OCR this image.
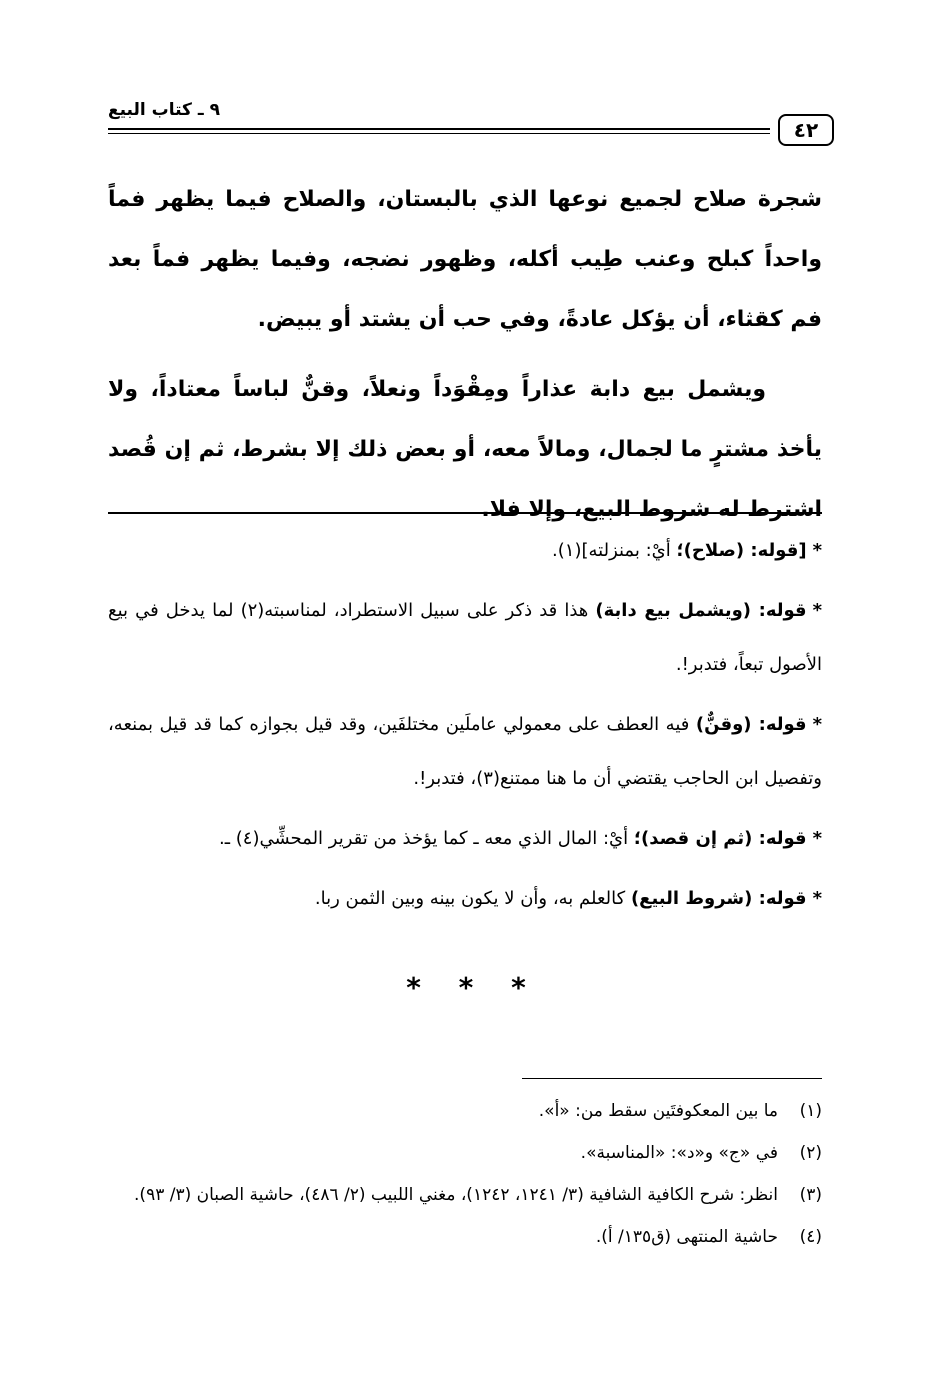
٤٢
٩ ـ كتاب البيع

شجرة صلاح لجميع نوعها الذي بالبستان، والصلاح فيما يظهر فماً واحداً كبلح وعنب طِيب أكله، وظهور نضجه، وفيما يظهر فماً بعد فم كقثاء، أن يؤكل عادةً، وفي حب أن يشتد أو يبيض.

ويشمل بيع دابة عذاراً ومِقْوَداً ونعلاً، وقنٌّ لباساً معتاداً، ولا يأخذ مشترٍ ما لجمال، ومالاً معه، أو بعض ذلك إلا بشرط، ثم إن قُصد اشترط له شروط البيع، وإلا فلا.

*[قوله: (صلاح)؛ أيْ: بمنزلته](١).

*قوله: (ويشمل بيع دابة) هذا قد ذكر على سبيل الاستطراد، لمناسبته(٢) لما يدخل في بيع الأصول تبعاً، فتدبر!.

*قوله: (وقنٌّ) فيه العطف على معمولي عاملَين مختلفَين، وقد قيل بجوازه كما قد قيل بمنعه، وتفصيل ابن الحاجب يقتضي أن ما هنا ممتنع(٣)، فتدبر!.

*قوله: (ثم إن قصد)؛ أيْ: المال الذي معه ـ كما يؤخذ من تقرير المحشِّي(٤) ـ.

*قوله: (شروط البيع) كالعلم به، وأن لا يكون بينه وبين الثمن ربا.

* * *
(١)
ما بين المعكوفتَين سقط من: «أ».
(٢)
في «ج» و«د»: «المناسبة».
(٣)
انظر: شرح الكافية الشافية (٣/ ١٢٤١، ١٢٤٢)، مغني اللبيب (٢/ ٤٨٦)، حاشية الصبان (٣/ ٩٣).
(٤)
حاشية المنتهى (ق١٣٥/ أ).
